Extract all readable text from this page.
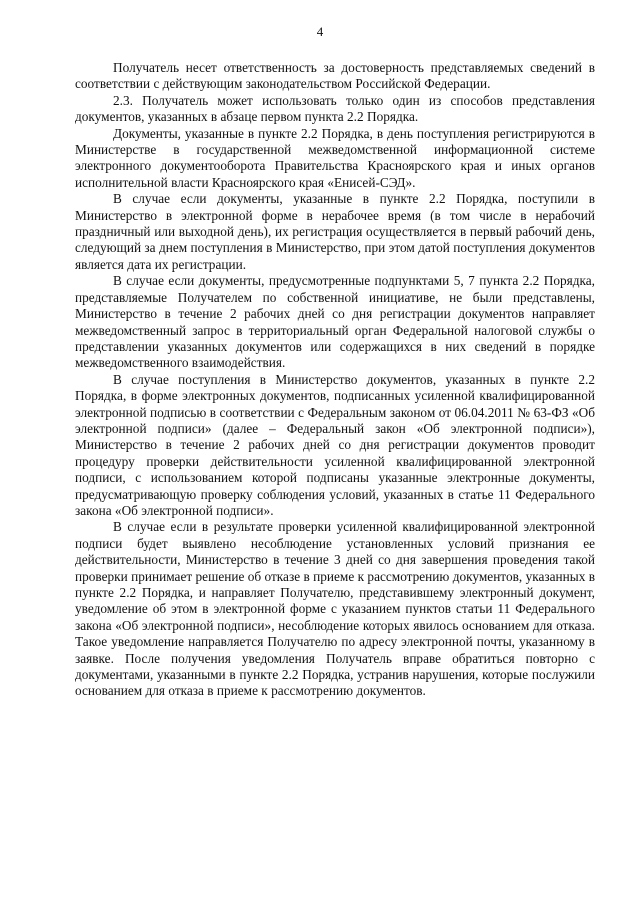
4

Получатель несет ответственность за достоверность представляемых сведений в соответствии с действующим законодательством Российской Федерации.

2.3. Получатель может использовать только один из способов представления документов, указанных в абзаце первом пункта 2.2 Порядка.

Документы, указанные в пункте 2.2 Порядка, в день поступления регистрируются в Министерстве в государственной межведомственной информационной системе электронного документооборота Правительства Красноярского края и иных органов исполнительной власти Красноярского края «Енисей-СЭД».

В случае если документы, указанные в пункте 2.2 Порядка, поступили в Министерство в электронной форме в нерабочее время (в том числе в нерабочий праздничный или выходной день), их регистрация осуществляется в первый рабочий день, следующий за днем поступления в Министерство, при этом датой поступления документов является дата их регистрации.

В случае если документы, предусмотренные подпунктами 5, 7 пункта 2.2 Порядка, представляемые Получателем по собственной инициативе, не были представлены, Министерство в течение 2 рабочих дней со дня регистрации документов направляет межведомственный запрос в территориальный орган Федеральной налоговой службы о представлении указанных документов или содержащихся в них сведений в порядке межведомственного взаимодействия.

В случае поступления в Министерство документов, указанных в пункте 2.2 Порядка, в форме электронных документов, подписанных усиленной квалифицированной электронной подписью в соответствии с Федеральным законом от 06.04.2011 № 63-ФЗ «Об электронной подписи» (далее – Федеральный закон «Об электронной подписи»), Министерство в течение 2 рабочих дней со дня регистрации документов проводит процедуру проверки действительности усиленной квалифицированной электронной подписи, с использованием которой подписаны указанные электронные документы, предусматривающую проверку соблюдения условий, указанных в статье 11 Федерального закона «Об электронной подписи».

В случае если в результате проверки усиленной квалифицированной электронной подписи будет выявлено несоблюдение установленных условий признания ее действительности, Министерство в течение 3 дней со дня завершения проведения такой проверки принимает решение об отказе в приеме к рассмотрению документов, указанных в пункте 2.2 Порядка, и направляет Получателю, представившему электронный документ, уведомление об этом в электронной форме с указанием пунктов статьи 11 Федерального закона «Об электронной подписи», несоблюдение которых явилось основанием для отказа. Такое уведомление направляется Получателю по адресу электронной почты, указанному в заявке. После получения уведомления Получатель вправе обратиться повторно с документами, указанными в пункте 2.2 Порядка, устранив нарушения, которые послужили основанием для отказа в приеме к рассмотрению документов.
